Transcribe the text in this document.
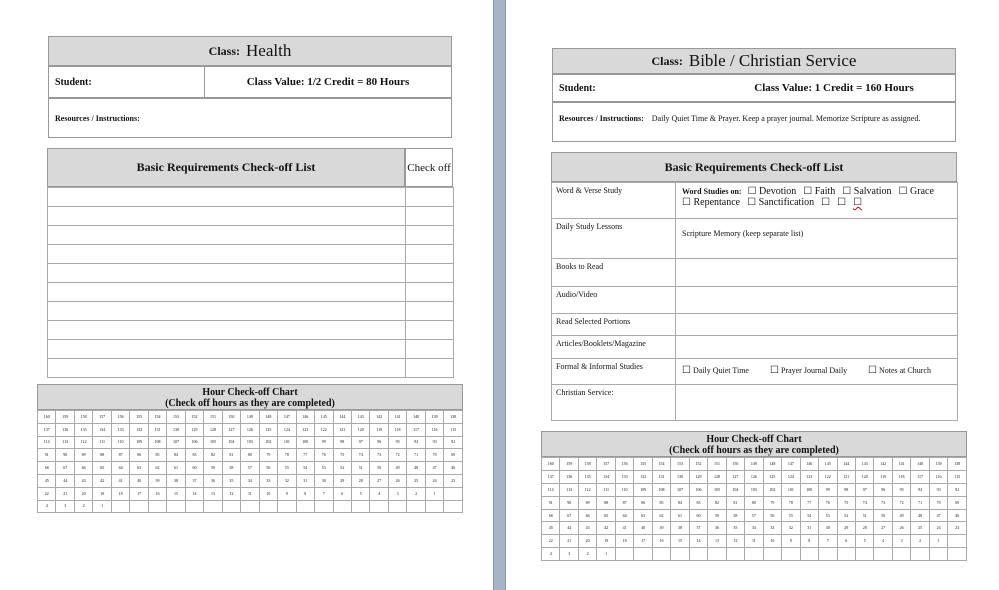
Class: Health
Student:	Class Value: 1/2 Credit = 80 Hours
Resources / Instructions:
Basic Requirements Check-off List	Check off

Hour Check-off Chart
(Check off hours as they are completed)
160	159	158	157	156	155	154	153	152	151	150	149	148	147	146	145	144	143	142	141	140	139	138
137	136	135	134	133	132	131	130	129	128	127	126	125	124	123	122	121	120	119	118	117	116	115
114	113	112	111	110	109	108	107	106	105	104	103	102	101	100	99	98	97	96	95	94	93	92
91	90	89	88	87	86	85	84	83	82	81	80	79	78	77	76	75	74	73	72	71	70	69
68	67	66	65	64	63	62	61	60	59	58	57	56	55	54	53	52	51	50	49	48	47	46
45	44	43	42	41	40	39	38	37	36	35	34	33	32	31	30	29	28	27	26	25	24	23
22	21	20	19	18	17	16	15	14	13	12	11	10	9	8	7	6	5	4	3	2	1	
4	3	2	1																			
Class: Bible / Christian Service
Student:	Class Value: 1 Credit = 160 Hours
Resources / Instructions: Daily Quiet Time & Prayer. Keep a prayer journal. Memorize Scripture as assigned.
Basic Requirements Check-off List
Word & Verse Study	Word Studies on: ☐ Devotion ☐ Faith ☐ Salvation ☐ Grace
☐ Repentance ☐ Sanctification ☐ ☐ ☐
Daily Study Lessons	Scripture Memory (keep separate list)
Books to Read	
Audio/Video	
Read Selected Portions	
Articles/Booklets/Magazine	
Formal & Informal Studies	☐ Daily Quiet Time ☐ Prayer Journal Daily ☐ Notes at Church
Christian Service:	
Hour Check-off Chart
(Check off hours as they are completed)
160	159	158	157	156	155	154	153	152	151	150	149	148	147	146	145	144	143	142	141	140	139	138
137	136	135	134	133	132	131	130	129	128	127	126	125	124	123	122	121	120	119	118	117	116	115
114	113	112	111	110	109	108	107	106	105	104	103	102	101	100	99	98	97	96	95	94	93	92
91	90	89	88	87	86	85	84	83	82	81	80	79	78	77	76	75	74	73	72	71	70	69
68	67	66	65	64	63	62	61	60	59	58	57	56	55	54	53	52	51	50	49	48	47	46
45	44	43	42	41	40	39	38	37	36	35	34	33	32	31	30	29	28	27	26	25	24	23
22	21	20	19	18	17	16	15	14	13	12	11	10	9	8	7	6	5	4	3	2	1	
4	3	2	1																			
